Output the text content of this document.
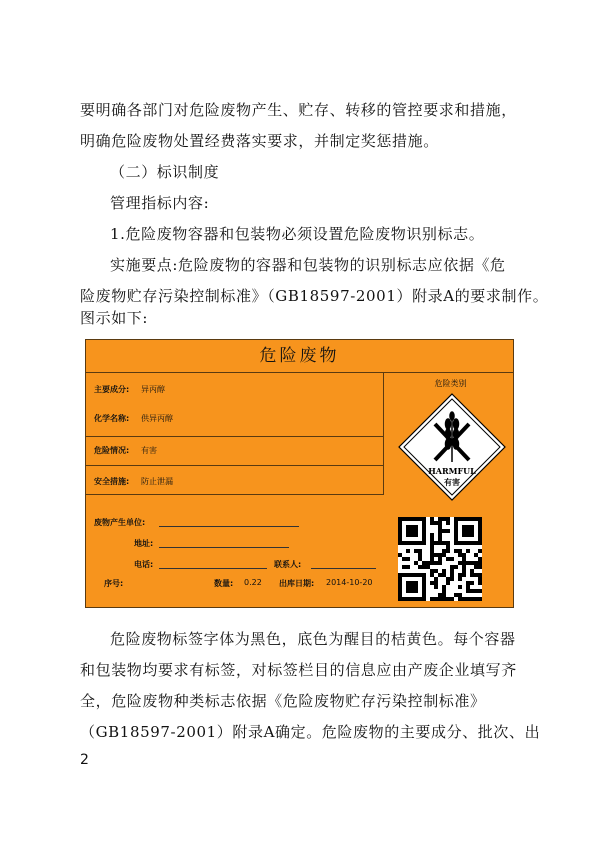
要明确各部门对危险废物产生、贮存、转移的管控要求和措施，
明确危险废物处置经费落实要求，并制定奖惩措施。
（二）标识制度
管理指标内容:
1.危险废物容器和包装物必须设置危险废物识别标志。
实施要点:危险废物的容器和包装物的识别标志应依据《危
险废物贮存污染控制标准》（GB18597-2001）附录A的要求制作。
图示如下:
危险废物
主要成分: 异丙醇
化学名称: 供异丙醇
危险情况: 有害
安全措施: 防止泄漏
危险类别
HARMFUL
有害
废物产生单位:
地址:
电话:	联系人:
序号:	数量: 0.22 出库日期: 2014-10-20
危险废物标签字体为黑色，底色为醒目的桔黄色。每个容器
和包装物均要求有标签，对标签栏目的信息应由产废企业填写齐
全，危险废物种类标志依据《危险废物贮存污染控制标准》
（GB18597-2001）附录A确定。危险废物的主要成分、批次、出
2
